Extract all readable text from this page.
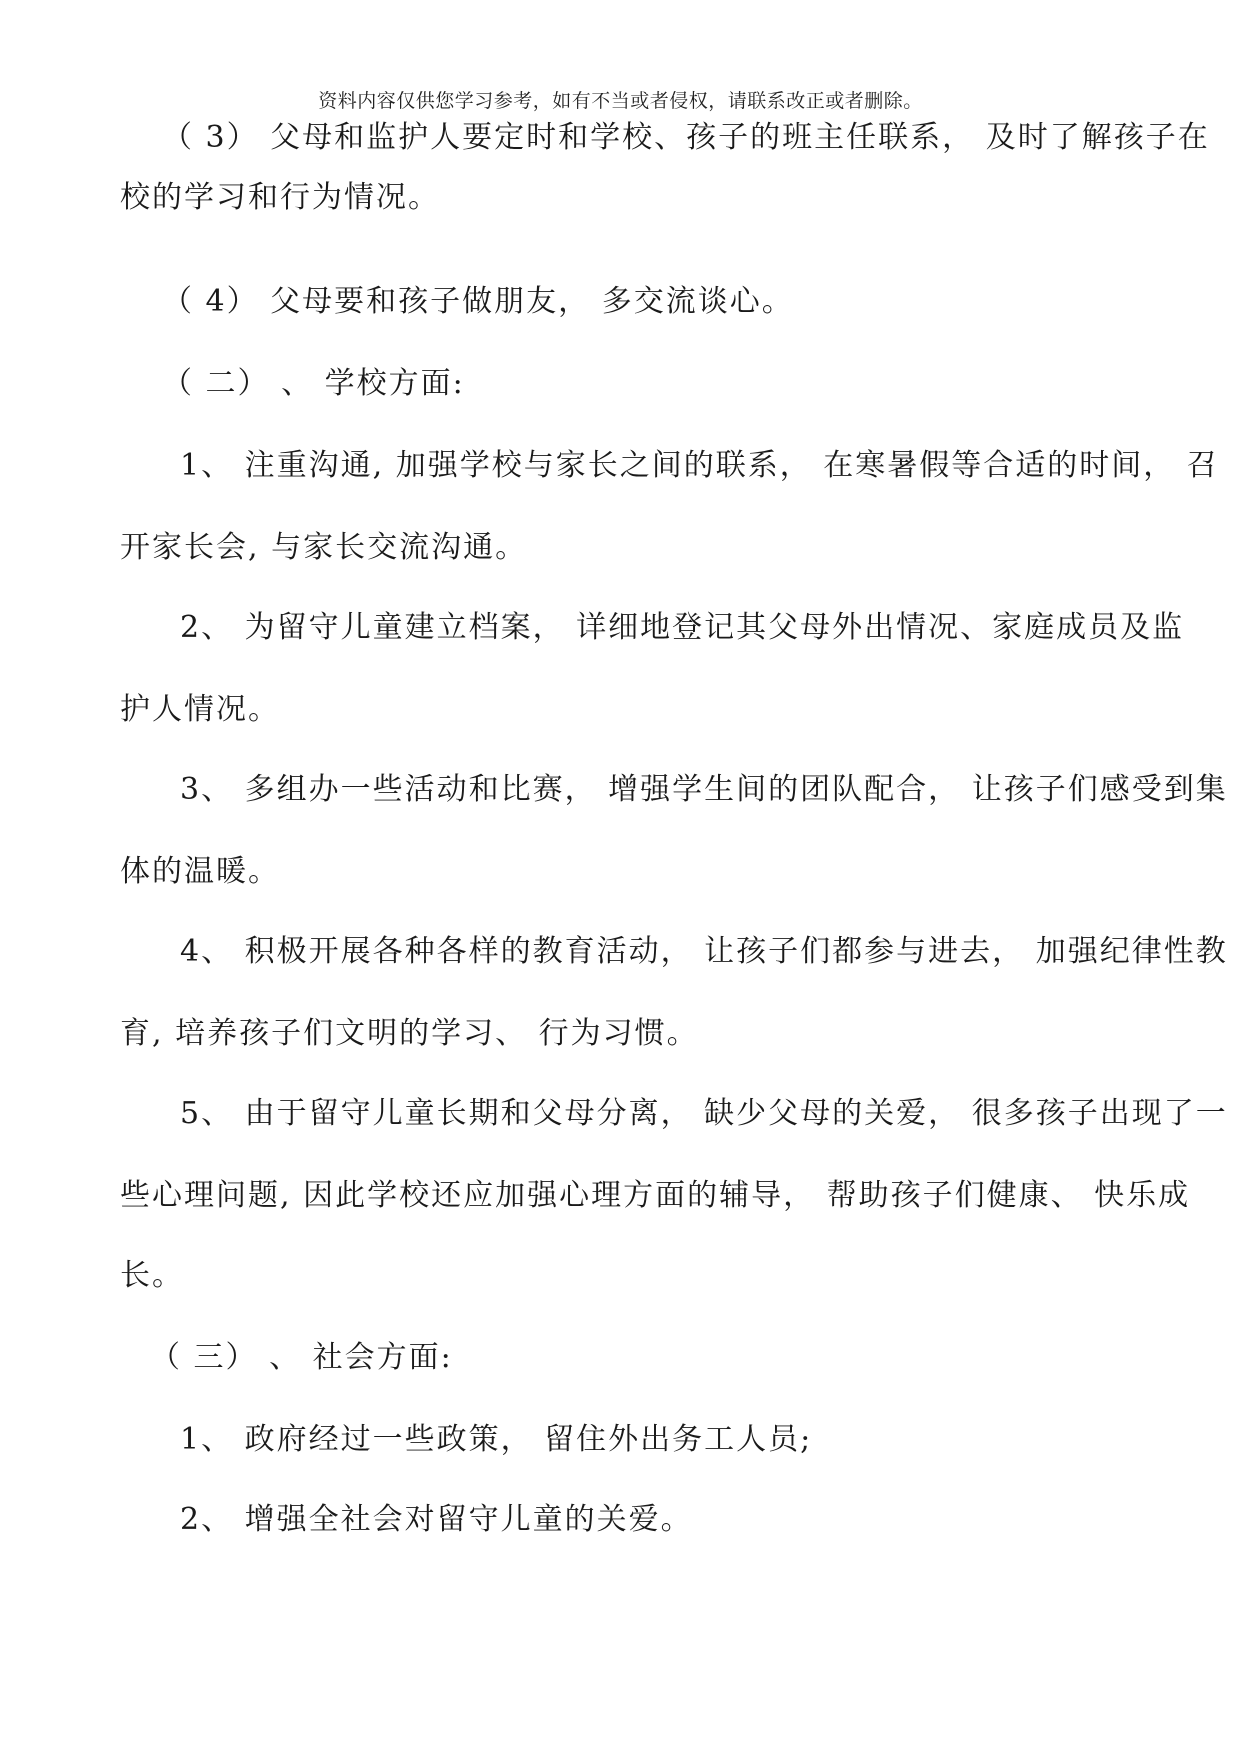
资料内容仅供您学习参考，如有不当或者侵权，请联系改正或者删除。
（ 3） 父母和监护人要定时和学校、孩子的班主任联系， 及时了解孩子在
校的学习和行为情况。
（ 4） 父母要和孩子做朋友， 多交流谈心。
（ 二） 、 学校方面:
1、 注重沟通, 加强学校与家长之间的联系， 在寒暑假等合适的时间， 召
开家长会, 与家长交流沟通。
2、 为留守儿童建立档案， 详细地登记其父母外出情况、家庭成员及监
护人情况。
3、 多组办一些活动和比赛， 增强学生间的团队配合， 让孩子们感受到集
体的温暖。
4、 积极开展各种各样的教育活动， 让孩子们都参与进去， 加强纪律性教
育, 培养孩子们文明的学习、 行为习惯。
5、 由于留守儿童长期和父母分离， 缺少父母的关爱， 很多孩子出现了一
些心理问题, 因此学校还应加强心理方面的辅导， 帮助孩子们健康、 快乐成
长。
（ 三） 、 社会方面:
1、 政府经过一些政策， 留住外出务工人员;
2、 增强全社会对留守儿童的关爱。
